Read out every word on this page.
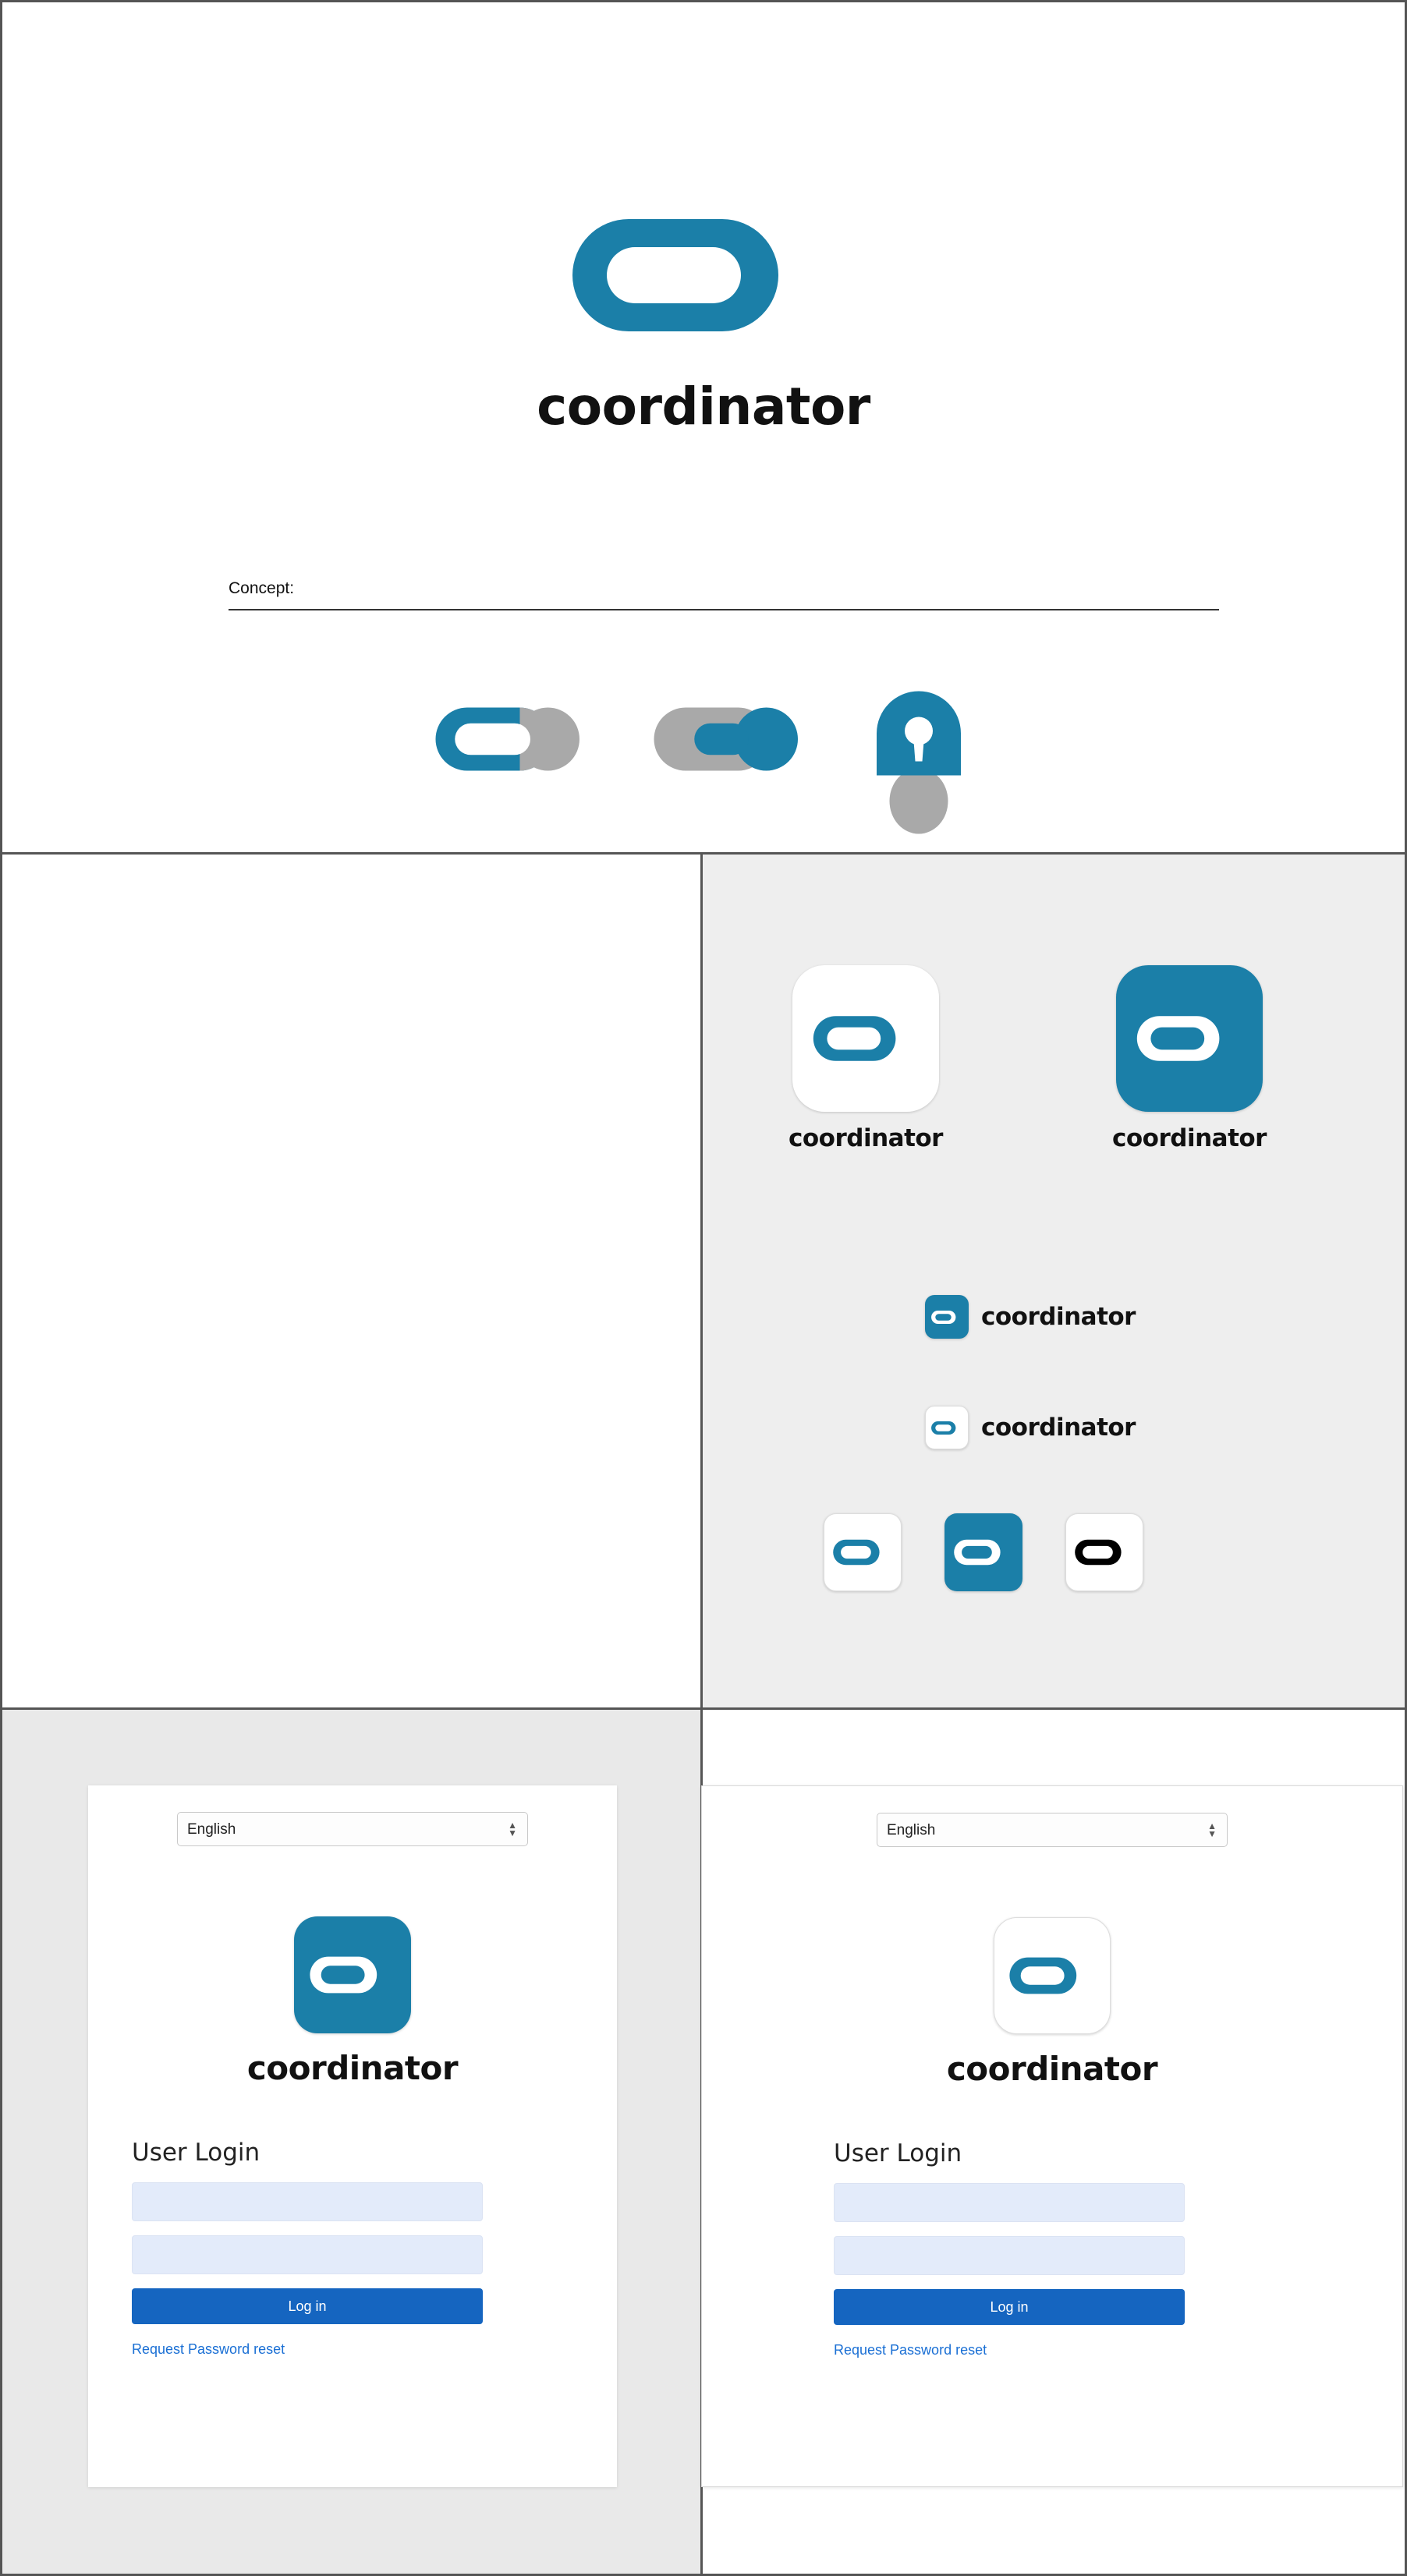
coordinator
Concept:
coordinator	coordinator
coordinator
coordinator
English
▲
▼
coordinator
User Login
Log in
Request Password reset
English
▲
▼
coordinator
User Login
Log in
Request Password reset
